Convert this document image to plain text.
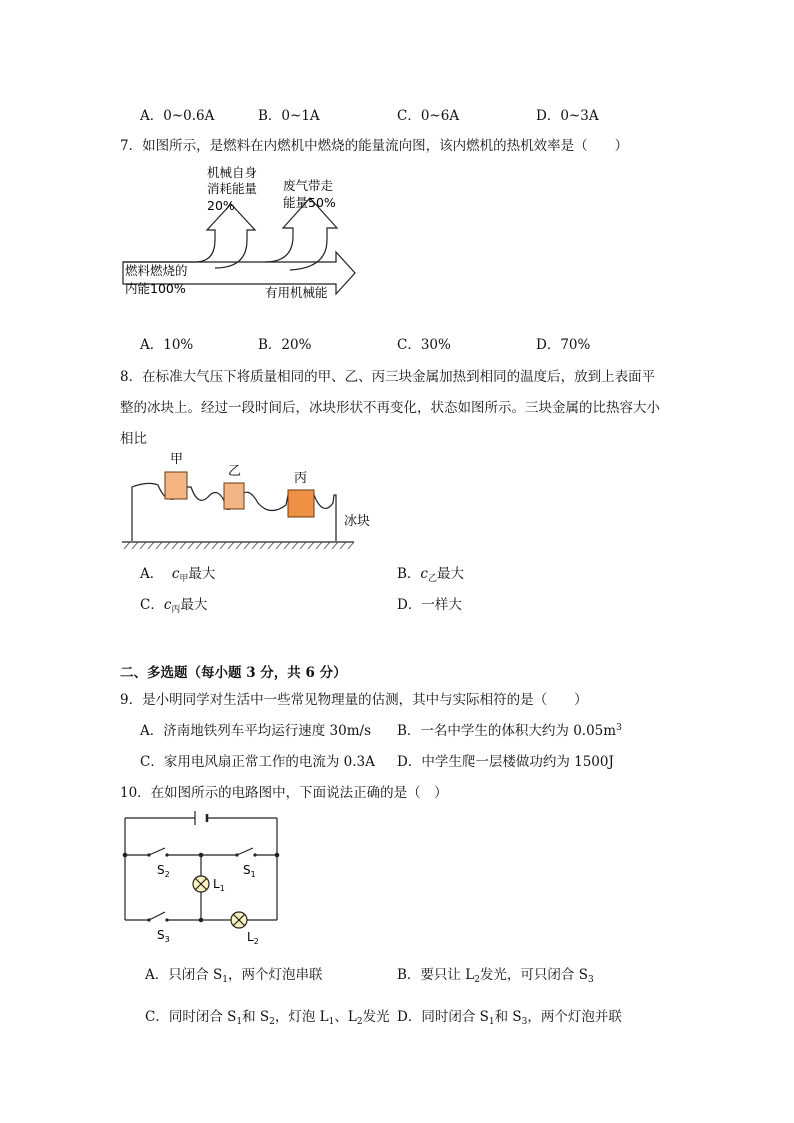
A．0~0.6A	B．0~1A	C．0~6A	D．0~3A
7．如图所示，是燃料在内燃机中燃烧的能量流向图，该内燃机的热机效率是（　　）
机械自身
消耗能量
20%
废气带走
能量50%
燃料燃烧的
内能100%	有用机械能
A．10%	B．20%	C．30%	D．70%
8．在标准大气压下将质量相同的甲、乙、丙三块金属加热到相同的温度后，放到上表面平
整的冰块上。经过一段时间后，冰块形状不再变化，状态如图所示。三块金属的比热容大小
相比
甲
乙	丙
冰块
A． $c_甲$最大	B．$c_乙$最大
C．$c_丙$最大	D．一样大
二、多选题（每小题 3 分，共 6 分）
9．是小明同学对生活中一些常见物理量的估测，其中与实际相符的是（　　）
A．济南地铁列车平均运行速度 30m/s B．一名中学生的体积大约为 $0.05m^3$
C．家用电风扇正常工作的电流为 0.3A D．中学生爬一层楼做功约为 1500J
10．在如图所示的电路图中，下面说法正确的是（　）
$S_2$	$S_1$
$L_1$
$S_3$	$L_2$
A．只闭合 $S_1$，两个灯泡串联	B．要只让 $L_2$发光，可只闭合 $S_3$
C．同时闭合 $S_1$和 $S_2$，灯泡 $L_1$、$L_2$发光 D．同时闭合 $S_1$和 $S_3$，两个灯泡并联
